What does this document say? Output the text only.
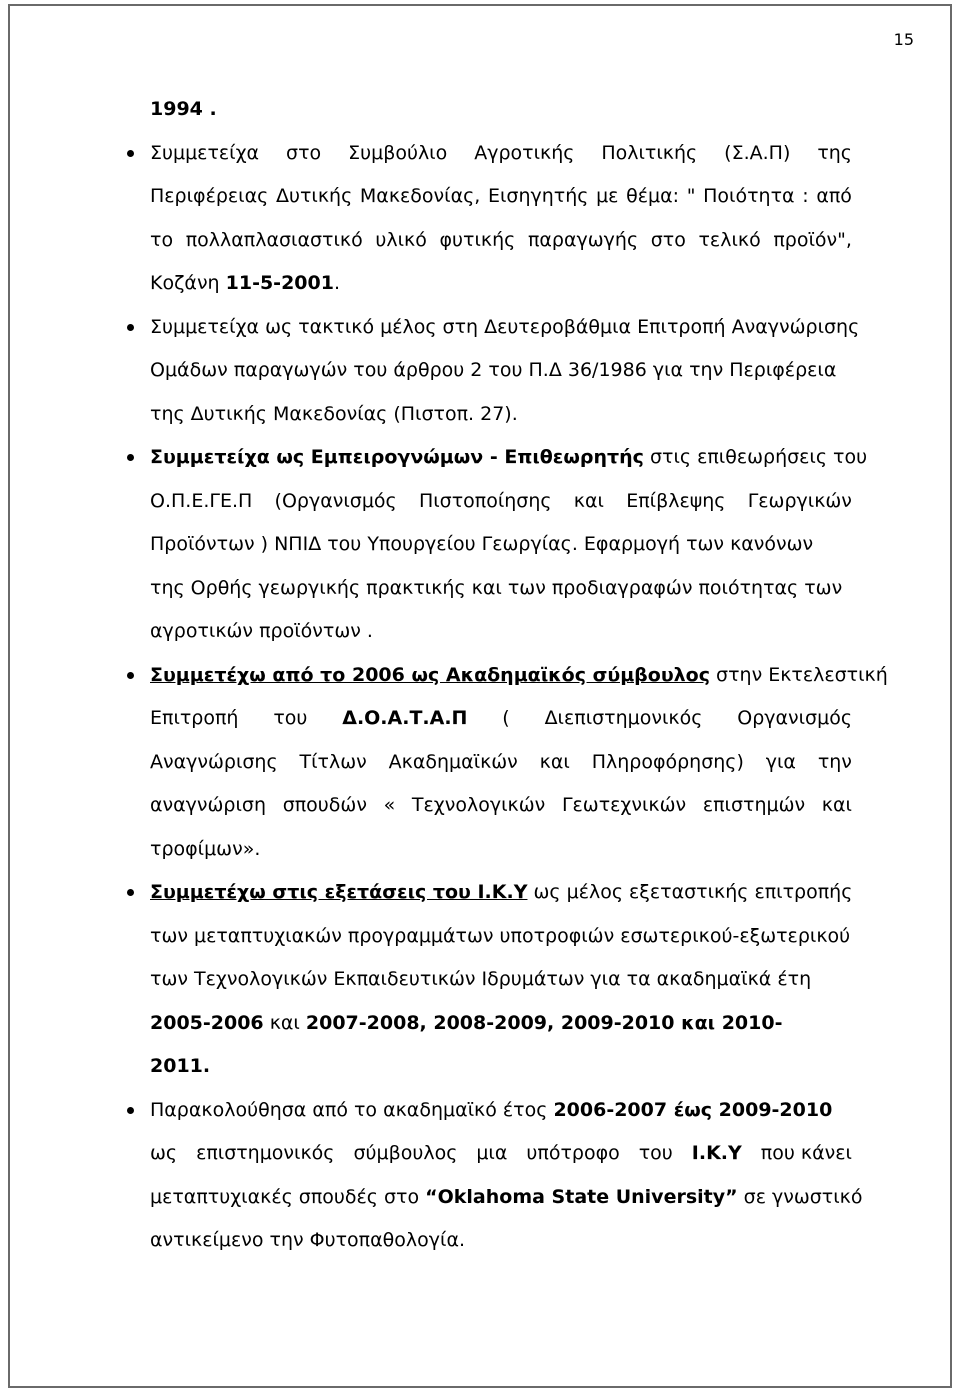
15
1994 .
Συμμετείχα στο Συμβούλιο Αγροτικής Πολιτικής (Σ.Α.Π) της
Περιφέρειας Δυτικής Μακεδονίας, Εισηγητής με θέμα: " Ποιότητα : από
το πολλαπλασιαστικό υλικό φυτικής παραγωγής στο τελικό προϊόν",
Κοζάνη 11-5-2001.
Συμμετείχα ως τακτικό μέλος στη Δευτεροβάθμια Επιτροπή Αναγνώρισης
Ομάδων παραγωγών του άρθρου 2 του Π.Δ 36/1986 για την Περιφέρεια
της Δυτικής Μακεδονίας (Πιστοπ. 27).
Συμμετείχα ως Εμπειρογνώμων - Επιθεωρητής στις επιθεωρήσεις του
Ο.Π.Ε.ΓΕ.Π (Οργανισμός Πιστοποίησης και Επίβλεψης Γεωργικών
Προϊόντων ) ΝΠΙΔ του Υπουργείου Γεωργίας. Εφαρμογή των κανόνων
της Ορθής γεωργικής πρακτικής και των προδιαγραφών ποιότητας των
αγροτικών προϊόντων .
Συμμετέχω από το 2006 ως Ακαδημαϊκός σύμβουλος στην Εκτελεστική
Επιτροπή του Δ.Ο.Α.Τ.Α.Π ( Διεπιστημονικός Οργανισμός
Αναγνώρισης Τίτλων Ακαδημαϊκών και Πληροφόρησης) για την
αναγνώριση σπουδών « Τεχνολογικών Γεωτεχνικών επιστημών και
τροφίμων».
Συμμετέχω στις εξετάσεις του Ι.Κ.Υ ως μέλος εξεταστικής επιτροπής
των μεταπτυχιακών προγραμμάτων υποτροφιών εσωτερικού-εξωτερικού
των Τεχνολογικών Εκπαιδευτικών Ιδρυμάτων για τα ακαδημαϊκά έτη
2005-2006 και 2007-2008, 2008-2009, 2009-2010 και 2010-
2011.
Παρακολούθησα από το ακαδημαϊκό έτος 2006-2007 έως 2009-2010
ως επιστημονικός σύμβουλος μια υπότροφο του Ι.Κ.Υ που κάνει
μεταπτυχιακές σπουδές στο “Oklahoma State University” σε γνωστικό
αντικείμενο την Φυτοπαθολογία.
